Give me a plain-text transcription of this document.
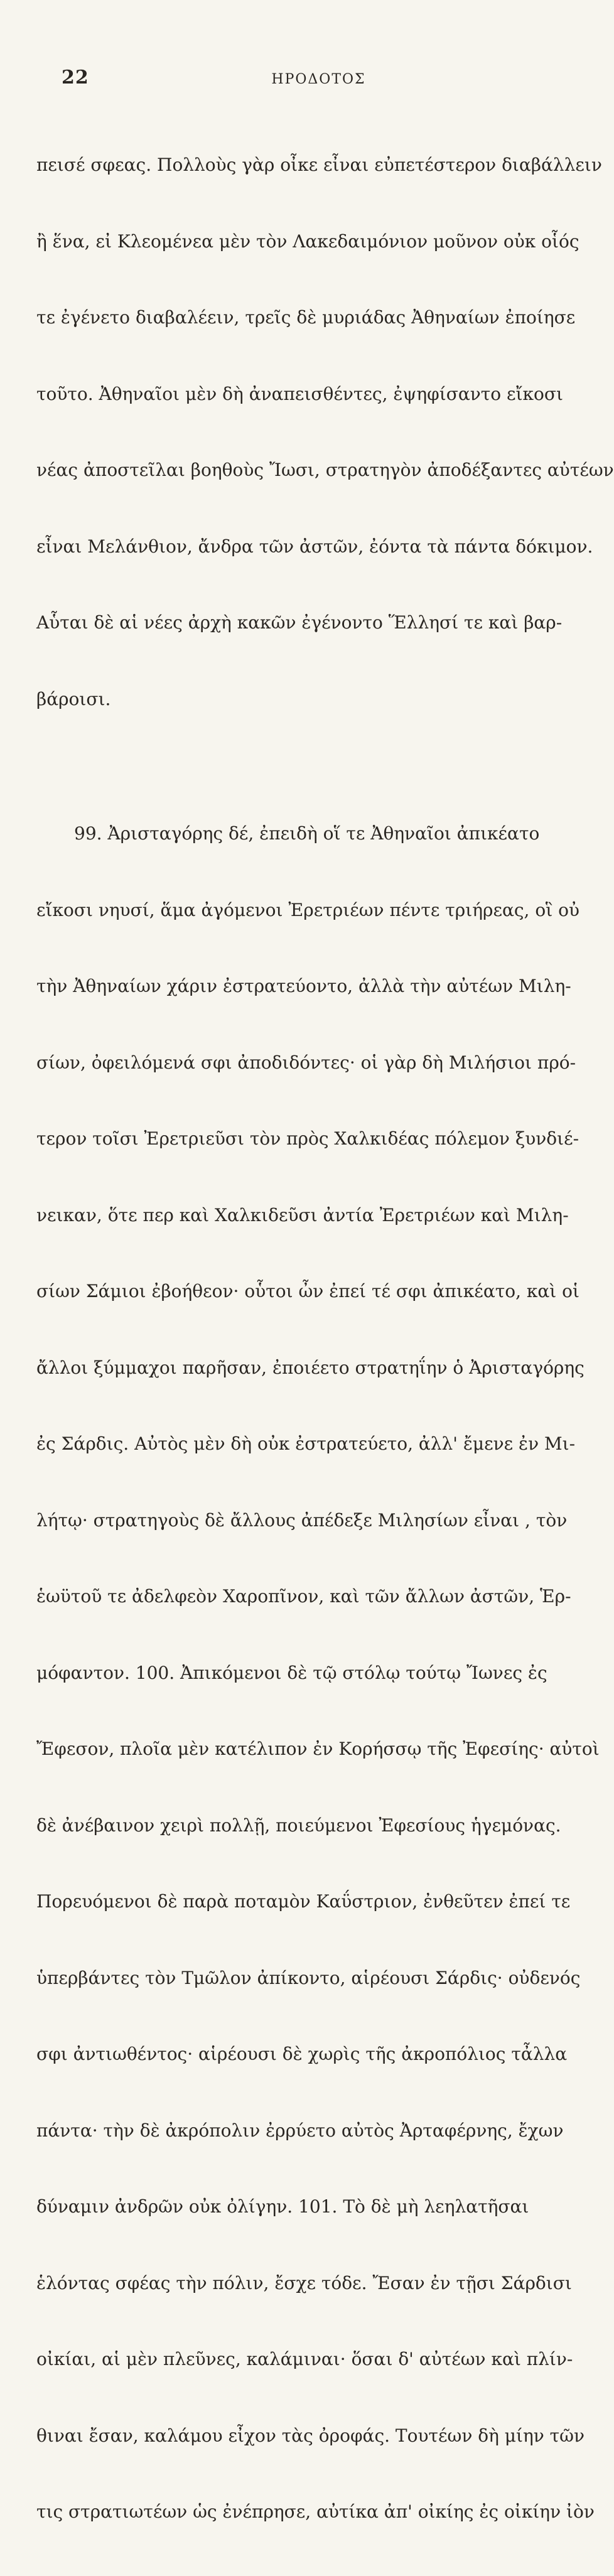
22	ΗΡΟΔΟΤΟΣ

πεισέ σφεας. Πολλοὺς γὰρ οἶκε εἶναι εὐπετέστερον διαβάλλειν

ἢ ἕνα, εἰ Κλεομένεα μὲν τὸν Λακεδαιμόνιον μοῦνον οὐκ οἷός

τε ἐγένετο διαβαλέειν, τρεῖς δὲ μυριάδας Ἀθηναίων ἐποίησε

τοῦτο. Ἀθηναῖοι μὲν δὴ ἀναπεισθέντες, ἐψηφίσαντο εἴκοσι

νέας ἀποστεῖλαι βοηθοὺς Ἴωσι, στρατηγὸν ἀποδέξαντες αὐτέων

εἶναι Μελάνθιον, ἄνδρα τῶν ἀστῶν, ἐόντα τὰ πάντα δόκιμον.

Αὗται δὲ αἱ νέες ἀρχὴ κακῶν ἐγένοντο Ἕλλησί τε καὶ βαρ-

βάροισι.

99. Ἀρισταγόρης δέ, ἐπειδὴ οἵ τε Ἀθηναῖοι ἀπικέατο

εἴκοσι νηυσί, ἅμα ἀγόμενοι Ἐρετριέων πέντε τριήρεας, οἳ οὐ

τὴν Ἀθηναίων χάριν ἐστρατεύοντο, ἀλλὰ τὴν αὐτέων Μιλη-

σίων, ὀφειλόμενά σφι ἀποδιδόντες· οἱ γὰρ δὴ Μιλήσιοι πρό-

τερον τοῖσι Ἐρετριεῦσι τὸν πρὸς Χαλκιδέας πόλεμον ξυνδιέ-

νεικαν, ὅτε περ καὶ Χαλκιδεῦσι ἀντία Ἐρετριέων καὶ Μιλη-

σίων Σάμιοι ἐβοήθεον· οὗτοι ὦν ἐπεί τέ σφι ἀπικέατο, καὶ οἱ

ἄλλοι ξύμμαχοι παρῆσαν, ἐποιέετο στρατηΐην ὁ Ἀρισταγόρης

ἐς Σάρδις. Αὐτὸς μὲν δὴ οὐκ ἐστρατεύετο, ἀλλ' ἔμενε ἐν Μι-

λήτῳ· στρατηγοὺς δὲ ἄλλους ἀπέδεξε Μιλησίων εἶναι , τὸν

ἑωϋτοῦ τε ἀδελφεὸν Χαροπῖνον, καὶ τῶν ἄλλων ἀστῶν, Ἑρ-

μόφαντον. 100. Ἀπικόμενοι δὲ τῷ στόλῳ τούτῳ Ἴωνες ἐς

Ἔφεσον, πλοῖα μὲν κατέλιπον ἐν Κορήσσῳ τῆς Ἐφεσίης· αὐτοὶ

δὲ ἀνέβαινον χειρὶ πολλῇ, ποιεύμενοι Ἐφεσίους ἡγεμόνας.

Πορευόμενοι δὲ παρὰ ποταμὸν Καΰστριον, ἐνθεῦτεν ἐπεί τε

ὑπερβάντες τὸν Τμῶλον ἀπίκοντο, αἱρέουσι Σάρδις· οὐδενός

σφι ἀντιωθέντος· αἱρέουσι δὲ χωρὶς τῆς ἀκροπόλιος τἆλλα

πάντα· τὴν δὲ ἀκρόπολιν ἐρρύετο αὐτὸς Ἀρταφέρνης, ἔχων

δύναμιν ἀνδρῶν οὐκ ὀλίγην. 101. Τὸ δὲ μὴ λεηλατῆσαι

ἑλόντας σφέας τὴν πόλιν, ἔσχε τόδε. Ἔσαν ἐν τῇσι Σάρδισι

οἰκίαι, αἱ μὲν πλεῦνες, καλάμιναι· ὅσαι δ' αὐτέων καὶ πλίν-

θιναι ἔσαν, καλάμου εἶχον τὰς ὀροφάς. Τουτέων δὴ μίην τῶν

τις στρατιωτέων ὡς ἐνέπρησε, αὐτίκα ἀπ' οἰκίης ἐς οἰκίην ἰὸν
